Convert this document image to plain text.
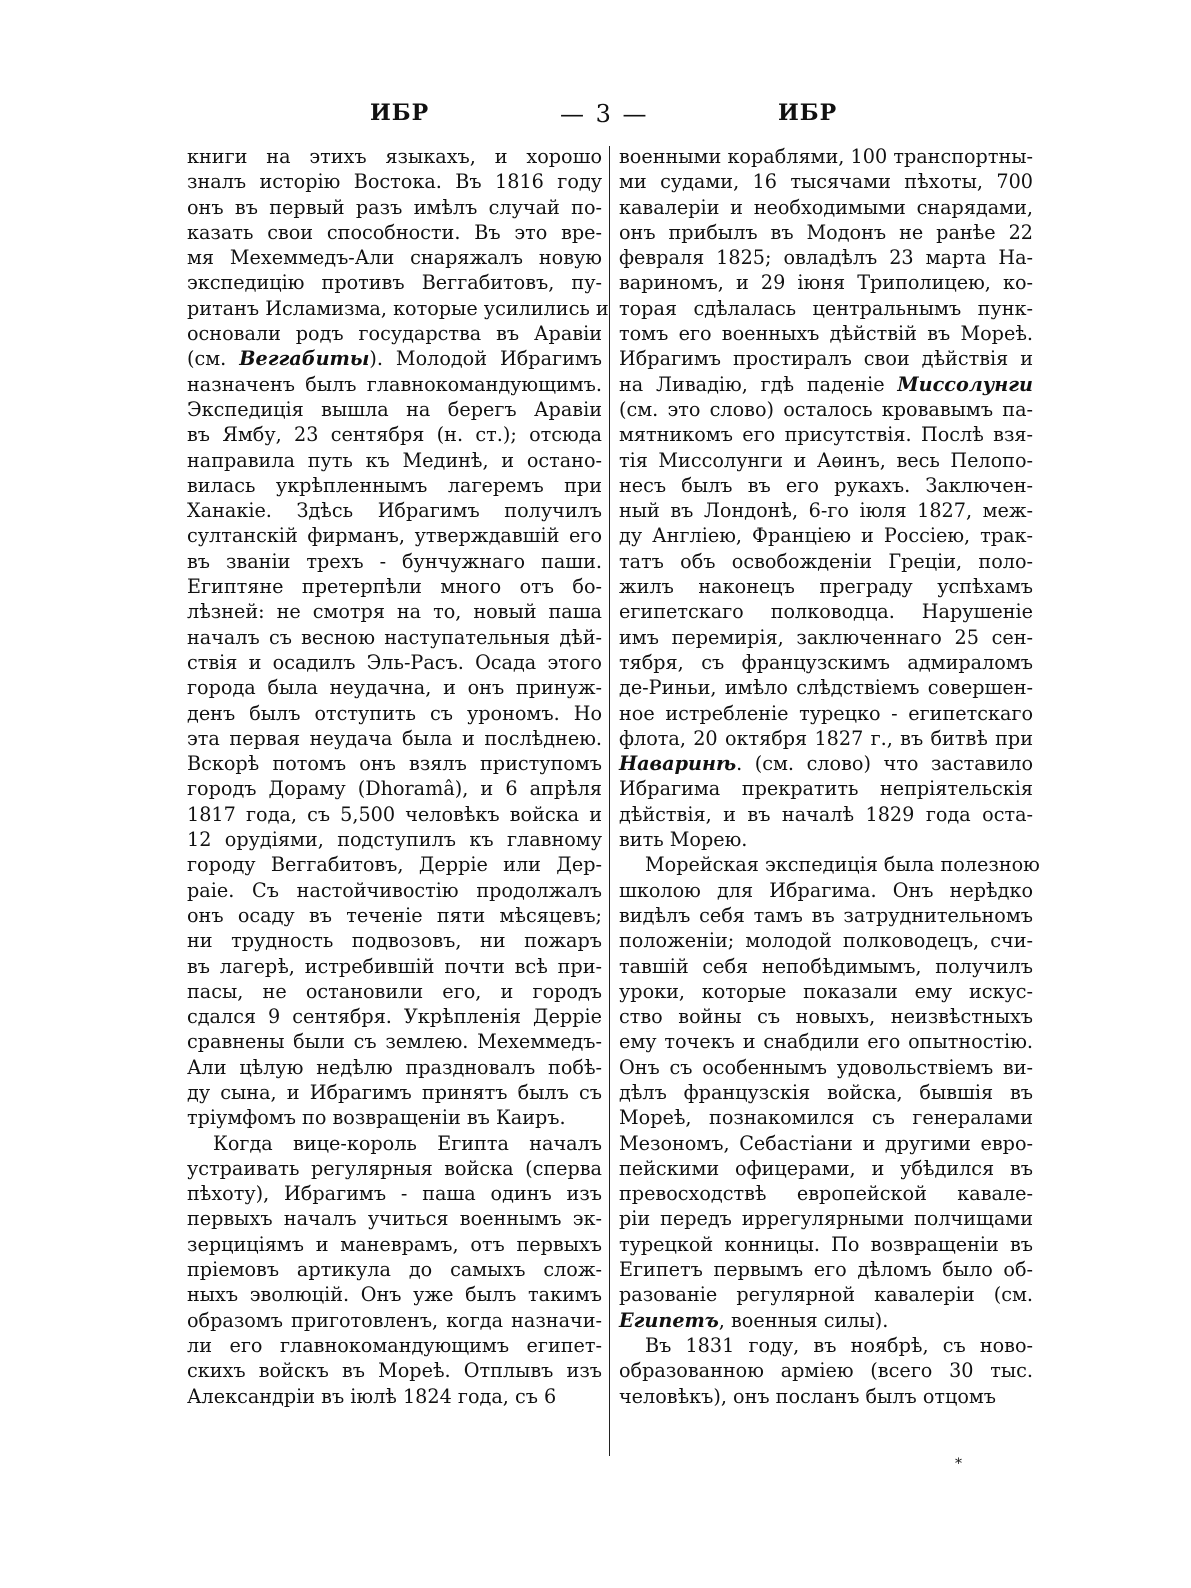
ИБР	— 3 —	ИБР

книги на этихъ языкахъ, и хорошо
зналъ исторію Востока. Въ 1816 году
онъ въ первый разъ имѣлъ случай по-
казать свои способности. Въ это вре-
мя Мехеммедъ-Али снаряжалъ новую
экспедицію противъ Веггабитовъ, пу-
ританъ Исламизма, которые усилились и
основали родъ государства въ Аравіи
(см. Веггабиты). Молодой Ибрагимъ
назначенъ былъ главнокомандующимъ.
Экспедиція вышла на берегъ Аравіи
въ Ямбу, 23 сентября (н. ст.); отсюда
направила путь къ Мединѣ, и остано-
вилась укрѣпленнымъ лагеремъ при
Ханакіе. Здѣсь Ибрагимъ получилъ
султанскій фирманъ, утверждавшій его
въ званіи трехъ - бунчужнаго паши.
Египтяне претерпѣли много отъ бо-
лѣзней: не смотря на то, новый паша
началъ съ весною наступательныя дѣй-
ствія и осадилъ Эль-Расъ. Осада этого
города была неудачна, и онъ принуж-
денъ былъ отступить съ урономъ. Но
эта первая неудача была и послѣднею.
Вскорѣ потомъ онъ взялъ приступомъ
городъ Дораму (Dhoramâ), и 6 апрѣля
1817 года, съ 5,500 человѣкъ войска и
12 орудіями, подступилъ къ главному
городу Веггабитовъ, Дерріе или Дер-
раіе. Съ настойчивостію продолжалъ
онъ осаду въ теченіе пяти мѣсяцевъ;
ни трудность подвозовъ, ни пожаръ
въ лагерѣ, истребившій почти всѣ при-
пасы, не остановили его, и городъ
сдался 9 сентября. Укрѣпленія Дерріе
сравнены были съ землею. Мехеммедъ-
Али цѣлую недѣлю праздновалъ побѣ-
ду сына, и Ибрагимъ принятъ былъ съ
тріумфомъ по возвращеніи въ Каиръ.

Когда вице-король Египта началъ
устраивать регулярныя войска (сперва
пѣхоту), Ибрагимъ - паша одинъ изъ
первыхъ началъ учиться военнымъ эк-
зерциціямъ и маневрамъ, отъ первыхъ
пріемовъ артикула до самыхъ слож-
ныхъ эволюцій. Онъ уже былъ такимъ
образомъ приготовленъ, когда назначи-
ли его главнокомандующимъ египет-
скихъ войскъ въ Мореѣ. Отплывъ изъ
Александріи въ іюлѣ 1824 года, съ 6

военными кораблями, 100 транспортны-
ми судами, 16 тысячами пѣхоты, 700
кавалеріи и необходимыми снарядами,
онъ прибылъ въ Модонъ не ранѣе 22
февраля 1825; овладѣлъ 23 марта На-
вариномъ, и 29 іюня Триполицею, ко-
торая сдѣлалась центральнымъ пунк-
томъ его военныхъ дѣйствій въ Мореѣ.
Ибрагимъ простиралъ свои дѣйствія и
на Ливадію, гдѣ паденіе Миссолунги
(см. это слово) осталось кровавымъ па-
мятникомъ его присутствія. Послѣ взя-
тія Миссолунги и Аѳинъ, весь Пелопо-
несъ былъ въ его рукахъ. Заключен-
ный въ Лондонѣ, 6-го іюля 1827, меж-
ду Англіею, Франціею и Россіею, трак-
татъ объ освобожденіи Греціи, поло-
жилъ наконецъ преграду успѣхамъ
египетскаго полководца. Нарушеніе
имъ перемирія, заключеннаго 25 сен-
тября, съ французскимъ адмираломъ
де-Риньи, имѣло слѣдствіемъ совершен-
ное истребленіе турецко - египетскаго
флота, 20 октября 1827 г., въ битвѣ при
Наваринѣ. (см. слово) что заставило
Ибрагима прекратить непріятельскія
дѣйствія, и въ началѣ 1829 года оста-
вить Морею.

Морейская экспедиція была полезною
школою для Ибрагима. Онъ нерѣдко
видѣлъ себя тамъ въ затруднительномъ
положеніи; молодой полководецъ, счи-
тавшій себя непобѣдимымъ, получилъ
уроки, которые показали ему искус-
ство войны съ новыхъ, неизвѣстныхъ
ему точекъ и снабдили его опытностію.
Онъ съ особеннымъ удовольствіемъ ви-
дѣлъ французскія войска, бывшія въ
Мореѣ, познакомился съ генералами
Мезономъ, Себастіани и другими евро-
пейскими офицерами, и убѣдился въ
превосходствѣ европейской кавале-
ріи передъ иррегулярными полчищами
турецкой конницы. По возвращеніи въ
Египетъ первымъ его дѣломъ было об-
разованіе регулярной кавалеріи (см.
Египетъ, военныя силы).

Въ 1831 году, въ ноябрѣ, съ ново-
образованною арміею (всего 30 тыс.
человѣкъ), онъ посланъ былъ отцомъ

*
